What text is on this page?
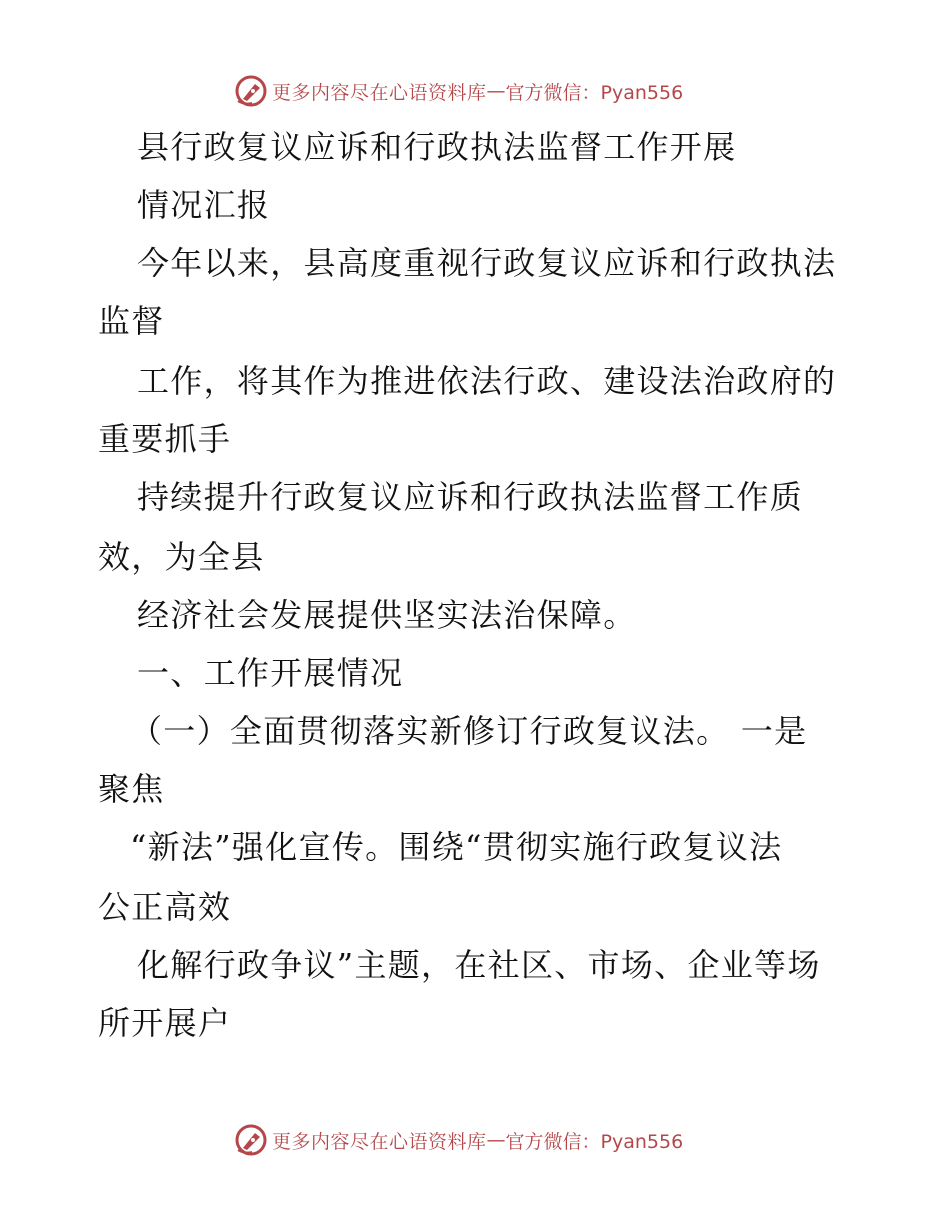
更多内容尽在心语资料库 — 官方微信：Pyan556
县行政复议应诉和行政执法监督工作开展
情况汇报
今年以来，县高度重视行政复议应诉和行政执法
监督
工作，将其作为推进依法行政、建设法治政府的
重要抓手
持续提升行政复议应诉和行政执法监督工作质
效，为全县
经济社会发展提供坚实法治保障。
一、工作开展情况
（一）全面贯彻落实新修订行政复议法。 一是
聚焦
“新法”强化宣传。围绕“贯彻实施行政复议法
公正高效
化解行政争议”主题，在社区、市场、企业等场
所开展户
更多内容尽在心语资料库 — 官方微信：Pyan556
